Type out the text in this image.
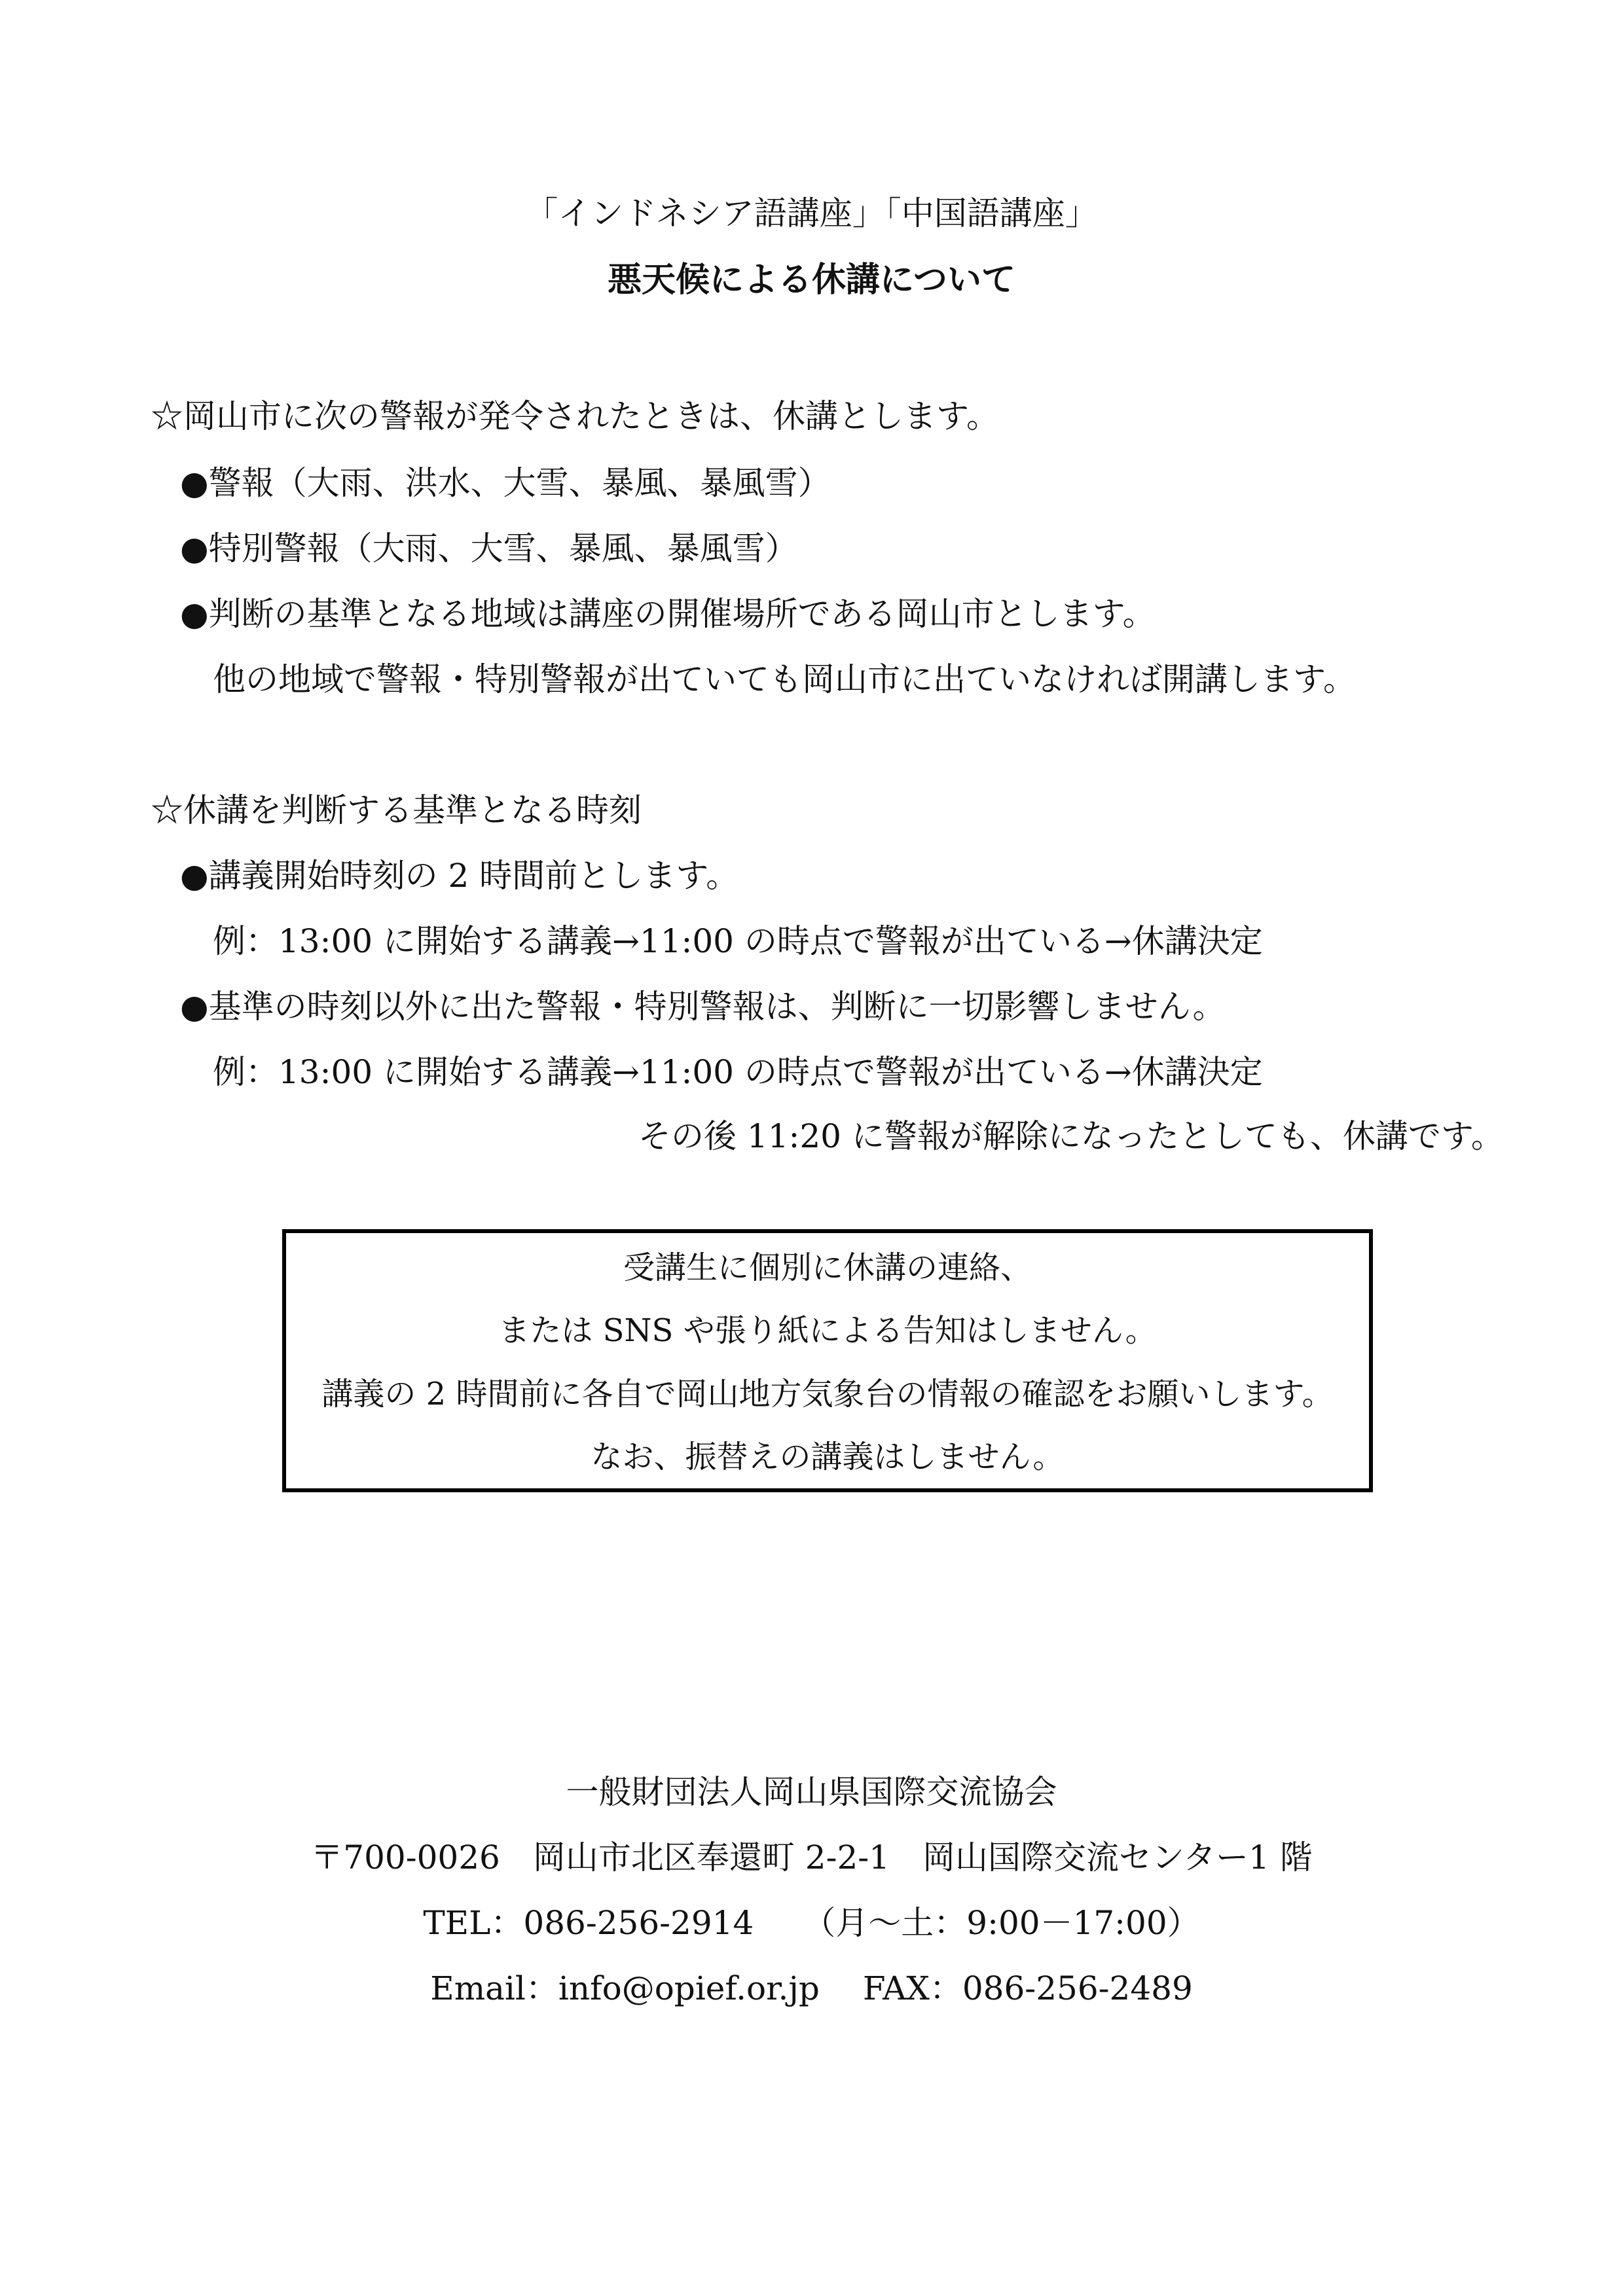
「インドネシア語講座」「中国語講座」
悪天候による休講について
☆岡山市に次の警報が発令されたときは、休講とします。
●警報（大雨、洪水、大雪、暴風、暴風雪）
●特別警報（大雨、大雪、暴風、暴風雪）
●判断の基準となる地域は講座の開催場所である岡山市とします。
他の地域で警報・特別警報が出ていても岡山市に出ていなければ開講します。
☆休講を判断する基準となる時刻
●講義開始時刻の 2 時間前とします。
例：13:00 に開始する講義→11:00 の時点で警報が出ている→休講決定
●基準の時刻以外に出た警報・特別警報は、判断に一切影響しません。
例：13:00 に開始する講義→11:00 の時点で警報が出ている→休講決定
その後 11:20 に警報が解除になったとしても、休講です。
受講生に個別に休講の連絡、
または SNS や張り紙による告知はしません。
講義の 2 時間前に各自で岡山地方気象台の情報の確認をお願いします。
なお、振替えの講義はしません。
一般財団法人岡山県国際交流協会
〒700-0026　岡山市北区奉還町 2-2-1　岡山国際交流センター1 階
TEL：086-256-2914　　（月～土：9:00－17:00）
Email：info@opief.or.jp　 FAX：086-256-2489
